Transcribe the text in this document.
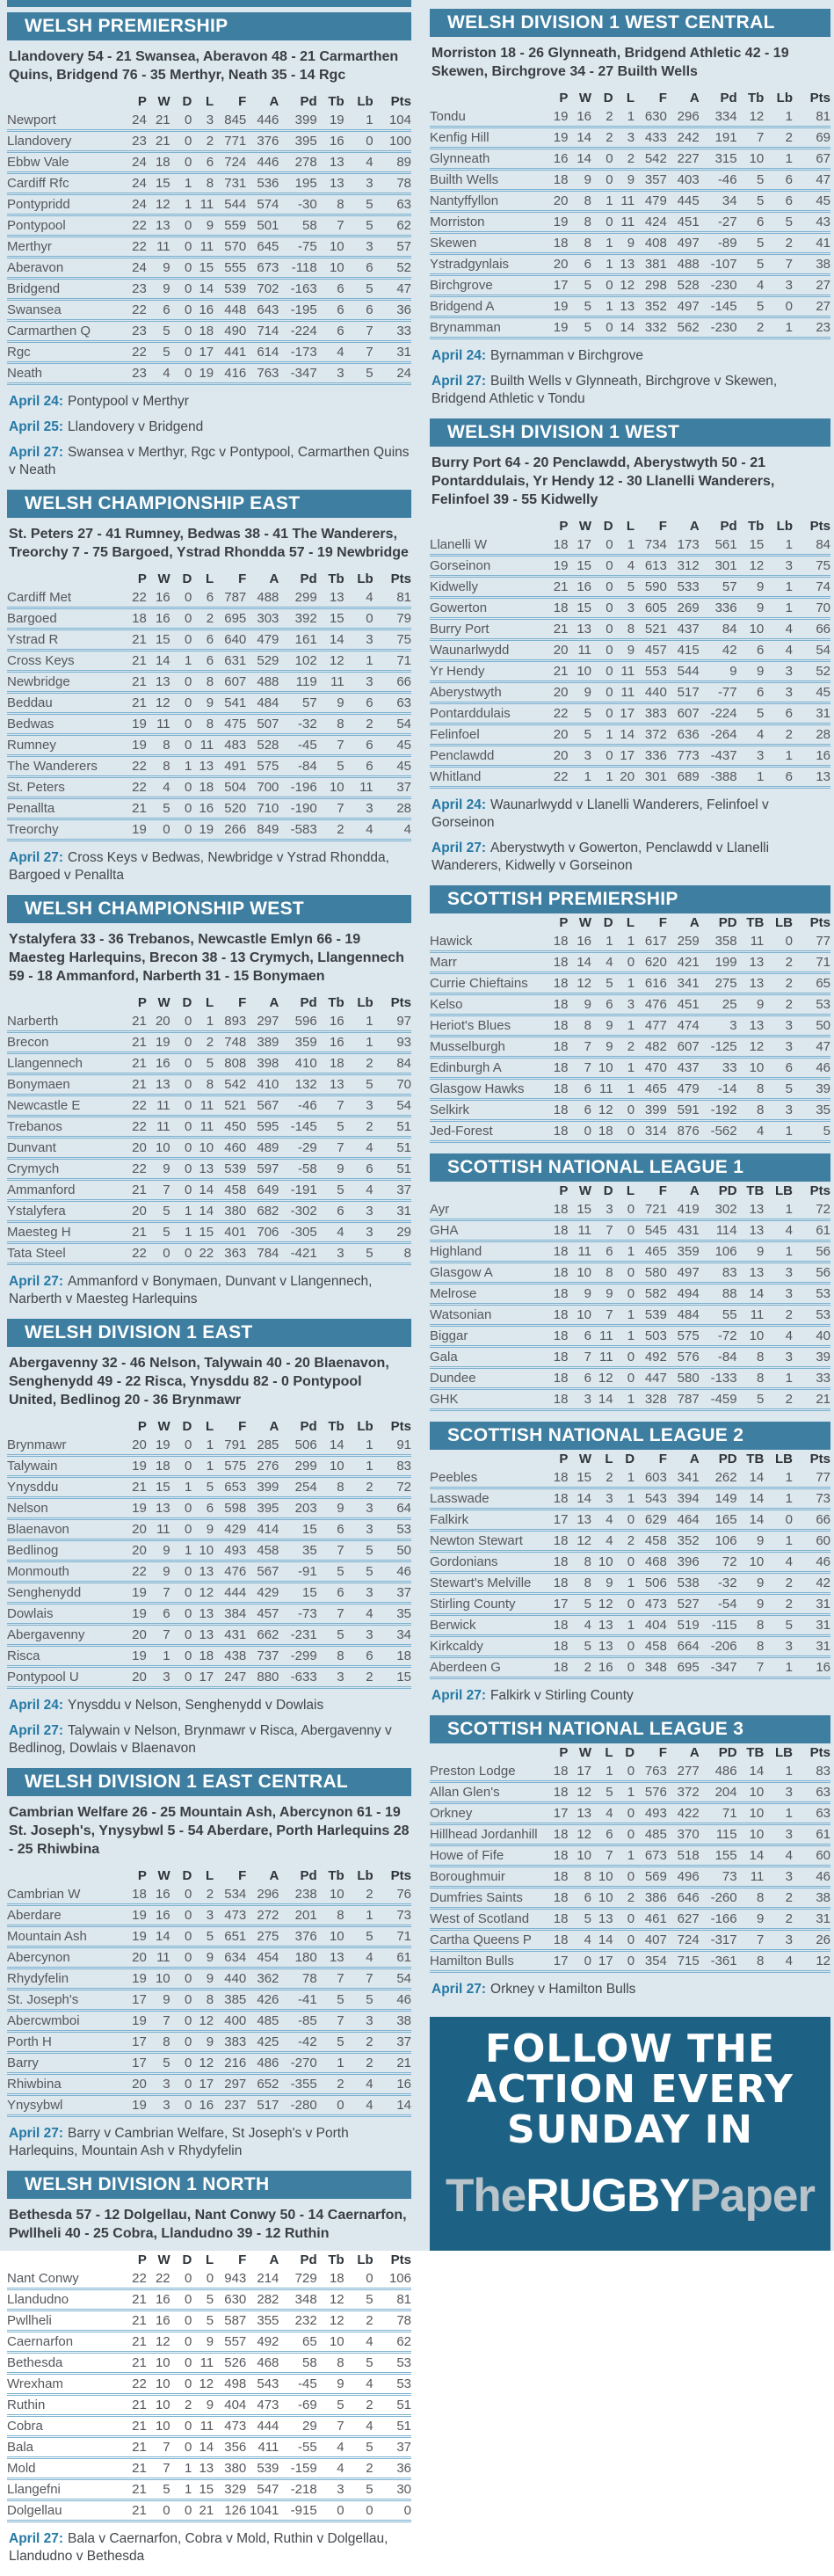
WELSH PREMIERSHIP

Llandovery 54 - 21 Swansea, Aberavon 48 - 21 Carmarthen Quins, Bridgend 76 - 35 Merthyr, Neath 35 - 14 Rgc

	P	W	D	L	F	A	Pd	Tb	Lb	Pts
Newport	24	21	0	3	845	446	399	19	1	104
Llandovery	23	21	0	2	771	376	395	16	0	100
Ebbw Vale	24	18	0	6	724	446	278	13	4	89
Cardiff Rfc	24	15	1	8	731	536	195	13	3	78
Pontypridd	24	12	1	11	544	574	-30	8	5	63
Pontypool	22	13	0	9	559	501	58	7	5	62
Merthyr	22	11	0	11	570	645	-75	10	3	57
Aberavon	24	9	0	15	555	673	-118	10	6	52
Bridgend	23	9	0	14	539	702	-163	6	5	47
Swansea	22	6	0	16	448	643	-195	6	6	36
Carmarthen Q	23	5	0	18	490	714	-224	6	7	33
Rgc	22	5	0	17	441	614	-173	4	7	31
Neath	23	4	0	19	416	763	-347	3	5	24

April 24: Pontypool v Merthyr

April 25: Llandovery v Bridgend

April 27: Swansea v Merthyr, Rgc v Pontypool, Carmarthen Quins v Neath

WELSH CHAMPIONSHIP EAST

St. Peters 27 - 41 Rumney, Bedwas 38 - 41 The Wanderers, Treorchy 7 - 75 Bargoed, Ystrad Rhondda 57 - 19 Newbridge

	P	W	D	L	F	A	Pd	Tb	Lb	Pts
Cardiff Met	22	16	0	6	787	488	299	13	4	81
Bargoed	18	16	0	2	695	303	392	15	0	79
Ystrad R	21	15	0	6	640	479	161	14	3	75
Cross Keys	21	14	1	6	631	529	102	12	1	71
Newbridge	21	13	0	8	607	488	119	11	3	66
Beddau	21	12	0	9	541	484	57	9	6	63
Bedwas	19	11	0	8	475	507	-32	8	2	54
Rumney	19	8	0	11	483	528	-45	7	6	45
The Wanderers	22	8	1	13	491	575	-84	5	6	45
St. Peters	22	4	0	18	504	700	-196	10	11	37
Penallta	21	5	0	16	520	710	-190	7	3	28
Treorchy	19	0	0	19	266	849	-583	2	4	4

April 27: Cross Keys v Bedwas, Newbridge v Ystrad Rhondda, Bargoed v Penallta

WELSH CHAMPIONSHIP WEST

Ystalyfera 33 - 36 Trebanos, Newcastle Emlyn 66 - 19 Maesteg Harlequins, Brecon 38 - 13 Crymych, Llangennech 59 - 18 Ammanford, Narberth 31 - 15 Bonymaen

	P	W	D	L	F	A	Pd	Tb	Lb	Pts
Narberth	21	20	0	1	893	297	596	16	1	97
Brecon	21	19	0	2	748	389	359	16	1	93
Llangennech	21	16	0	5	808	398	410	18	2	84
Bonymaen	21	13	0	8	542	410	132	13	5	70
Newcastle E	22	11	0	11	521	567	-46	7	3	54
Trebanos	22	11	0	11	450	595	-145	5	2	51
Dunvant	20	10	0	10	460	489	-29	7	4	51
Crymych	22	9	0	13	539	597	-58	9	6	51
Ammanford	21	7	0	14	458	649	-191	5	4	37
Ystalyfera	20	5	1	14	380	682	-302	6	3	31
Maesteg H	21	5	1	15	401	706	-305	4	3	29
Tata Steel	22	0	0	22	363	784	-421	3	5	8

April 27: Ammanford v Bonymaen, Dunvant v Llangennech, Narberth v Maesteg Harlequins

WELSH DIVISION 1 EAST

Abergavenny 32 - 46 Nelson, Talywain 40 - 20 Blaenavon, Senghenydd 49 - 22 Risca, Ynysddu 82 - 0 Pontypool United, Bedlinog 20 - 36 Brynmawr

	P	W	D	L	F	A	Pd	Tb	Lb	Pts
Brynmawr	20	19	0	1	791	285	506	14	1	91
Talywain	19	18	0	1	575	276	299	10	1	83
Ynysddu	21	15	1	5	653	399	254	8	2	72
Nelson	19	13	0	6	598	395	203	9	3	64
Blaenavon	20	11	0	9	429	414	15	6	3	53
Bedlinog	20	9	1	10	493	458	35	7	5	50
Monmouth	22	9	0	13	476	567	-91	5	5	46
Senghenydd	19	7	0	12	444	429	15	6	3	37
Dowlais	19	6	0	13	384	457	-73	7	4	35
Abergavenny	20	7	0	13	431	662	-231	5	3	34
Risca	19	1	0	18	438	737	-299	8	6	18
Pontypool U	20	3	0	17	247	880	-633	3	2	15

April 24: Ynysddu v Nelson, Senghenydd v Dowlais

April 27: Talywain v Nelson, Brynmawr v Risca, Abergavenny v Bedlinog, Dowlais v Blaenavon

WELSH DIVISION 1 EAST CENTRAL

Cambrian Welfare 26 - 25 Mountain Ash, Abercynon 61 - 19 St. Joseph's, Ynysybwl 5 - 54 Aberdare, Porth Harlequins 28 - 25 Rhiwbina

	P	W	D	L	F	A	Pd	Tb	Lb	Pts
Cambrian W	18	16	0	2	534	296	238	10	2	76
Aberdare	19	16	0	3	473	272	201	8	1	73
Mountain Ash	19	14	0	5	651	275	376	10	5	71
Abercynon	20	11	0	9	634	454	180	13	4	61
Rhydyfelin	19	10	0	9	440	362	78	7	7	54
St. Joseph's	17	9	0	8	385	426	-41	5	5	46
Abercwmboi	19	7	0	12	400	485	-85	7	3	38
Porth H	17	8	0	9	383	425	-42	5	2	37
Barry	17	5	0	12	216	486	-270	1	2	21
Rhiwbina	20	3	0	17	297	652	-355	2	4	16
Ynysybwl	19	3	0	16	237	517	-280	0	4	14

April 27: Barry v Cambrian Welfare, St Joseph's v Porth Harlequins, Mountain Ash v Rhydyfelin

WELSH DIVISION 1 NORTH

Bethesda 57 - 12 Dolgellau, Nant Conwy 50 - 14 Caernarfon, Pwllheli 40 - 25 Cobra, Llandudno 39 - 12 Ruthin

	P	W	D	L	F	A	Pd	Tb	Lb	Pts
Nant Conwy	22	22	0	0	943	214	729	18	0	106
Llandudno	21	16	0	5	630	282	348	12	5	81
Pwllheli	21	16	0	5	587	355	232	12	2	78
Caernarfon	21	12	0	9	557	492	65	10	4	62
Bethesda	21	10	0	11	526	468	58	8	5	53
Wrexham	22	10	0	12	498	543	-45	9	4	53
Ruthin	21	10	2	9	404	473	-69	5	2	51
Cobra	21	10	0	11	473	444	29	7	4	51
Bala	21	7	0	14	356	411	-55	4	5	37
Mold	21	7	1	13	380	539	-159	4	2	36
Llangefni	21	5	1	15	329	547	-218	3	5	30
Dolgellau	21	0	0	21	126	1041	-915	0	0	0

April 27: Bala v Caernarfon, Cobra v Mold, Ruthin v Dolgellau, Llandudno v Bethesda

WELSH DIVISION 1 WEST CENTRAL

Morriston 18 - 26 Glynneath, Bridgend Athletic 42 - 19 Skewen, Birchgrove 34 - 27 Builth Wells

	P	W	D	L	F	A	Pd	Tb	Lb	Pts
Tondu	19	16	2	1	630	296	334	12	1	81
Kenfig Hill	19	14	2	3	433	242	191	7	2	69
Glynneath	16	14	0	2	542	227	315	10	1	67
Builth Wells	18	9	0	9	357	403	-46	5	6	47
Nantyffyllon	20	8	1	11	479	445	34	5	6	45
Morriston	19	8	0	11	424	451	-27	6	5	43
Skewen	18	8	1	9	408	497	-89	5	2	41
Ystradgynlais	20	6	1	13	381	488	-107	5	7	38
Birchgrove	17	5	0	12	298	528	-230	4	3	27
Bridgend A	19	5	1	13	352	497	-145	5	0	27
Brynamman	19	5	0	14	332	562	-230	2	1	23

April 24: Byrnamman v Birchgrove

April 27: Builth Wells v Glynneath, Birchgrove v Skewen, Bridgend Athletic v Tondu

WELSH DIVISION 1 WEST

Burry Port 64 - 20 Penclawdd, Aberystwyth 50 - 21 Pontarddulais, Yr Hendy 12 - 30 Llanelli Wanderers, Felinfoel 39 - 55 Kidwelly

	P	W	D	L	F	A	Pd	Tb	Lb	Pts
Llanelli W	18	17	0	1	734	173	561	15	1	84
Gorseinon	19	15	0	4	613	312	301	12	3	75
Kidwelly	21	16	0	5	590	533	57	9	1	74
Gowerton	18	15	0	3	605	269	336	9	1	70
Burry Port	21	13	0	8	521	437	84	10	4	66
Waunarlwydd	20	11	0	9	457	415	42	6	4	54
Yr Hendy	21	10	0	11	553	544	9	9	3	52
Aberystwyth	20	9	0	11	440	517	-77	6	3	45
Pontarddulais	22	5	0	17	383	607	-224	5	6	31
Felinfoel	20	5	1	14	372	636	-264	4	2	28
Penclawdd	20	3	0	17	336	773	-437	3	1	16
Whitland	22	1	1	20	301	689	-388	1	6	13

April 24: Waunarlwydd v Llanelli Wanderers, Felinfoel v Gorseinon

April 27: Aberystwyth v Gowerton, Penclawdd v Llanelli Wanderers, Kidwelly v Gorseinon

SCOTTISH PREMIERSHIP
	P	W	D	L	F	A	PD	TB	LB	Pts
Hawick	18	16	1	1	617	259	358	11	0	77
Marr	18	14	4	0	620	421	199	13	2	71
Currie Chieftains	18	12	5	1	616	341	275	13	2	65
Kelso	18	9	6	3	476	451	25	9	2	53
Heriot's Blues	18	8	9	1	477	474	3	13	3	50
Musselburgh	18	7	9	2	482	607	-125	12	3	47
Edinburgh A	18	7	10	1	470	437	33	10	6	46
Glasgow Hawks	18	6	11	1	465	479	-14	8	5	39
Selkirk	18	6	12	0	399	591	-192	8	3	35
Jed-Forest	18	0	18	0	314	876	-562	4	1	5
SCOTTISH NATIONAL LEAGUE 1
	P	W	D	L	F	A	PD	TB	LB	Pts
Ayr	18	15	3	0	721	419	302	13	1	72
GHA	18	11	7	0	545	431	114	13	4	61
Highland	18	11	6	1	465	359	106	9	1	56
Glasgow A	18	10	8	0	580	497	83	13	3	56
Melrose	18	9	9	0	582	494	88	14	3	53
Watsonian	18	10	7	1	539	484	55	11	2	53
Biggar	18	6	11	1	503	575	-72	10	4	40
Gala	18	7	11	0	492	576	-84	8	3	39
Dundee	18	6	12	0	447	580	-133	8	1	33
GHK	18	3	14	1	328	787	-459	5	2	21
SCOTTISH NATIONAL LEAGUE 2
	P	W	L	D	F	A	PD	TB	LB	Pts
Peebles	18	15	2	1	603	341	262	14	1	77
Lasswade	18	14	3	1	543	394	149	14	1	73
Falkirk	17	13	4	0	629	464	165	14	0	66
Newton Stewart	18	12	4	2	458	352	106	9	1	60
Gordonians	18	8	10	0	468	396	72	10	4	46
Stewart's Melville	18	8	9	1	506	538	-32	9	2	42
Stirling County	17	5	12	0	473	527	-54	9	2	31
Berwick	18	4	13	1	404	519	-115	8	5	31
Kirkcaldy	18	5	13	0	458	664	-206	8	3	31
Aberdeen G	18	2	16	0	348	695	-347	7	1	16

April 27: Falkirk v Stirling County

SCOTTISH NATIONAL LEAGUE 3
	P	W	L	D	F	A	PD	TB	LB	Pts
Preston Lodge	18	17	1	0	763	277	486	14	1	83
Allan Glen's	18	12	5	1	576	372	204	10	3	63
Orkney	17	13	4	0	493	422	71	10	1	63
Hillhead Jordanhill	18	12	6	0	485	370	115	10	3	61
Howe of Fife	18	10	7	1	673	518	155	14	4	60
Boroughmuir	18	8	10	0	569	496	73	11	3	46
Dumfries Saints	18	6	10	2	386	646	-260	8	2	38
West of Scotland	18	5	13	0	461	627	-166	9	2	31
Cartha Queens P	18	4	14	0	407	724	-317	7	3	26
Hamilton Bulls	17	0	17	0	354	715	-361	8	4	12

April 27: Orkney v Hamilton Bulls

FOLLOW THE
ACTION EVERY
SUNDAY IN
TheRUGBYPaper
